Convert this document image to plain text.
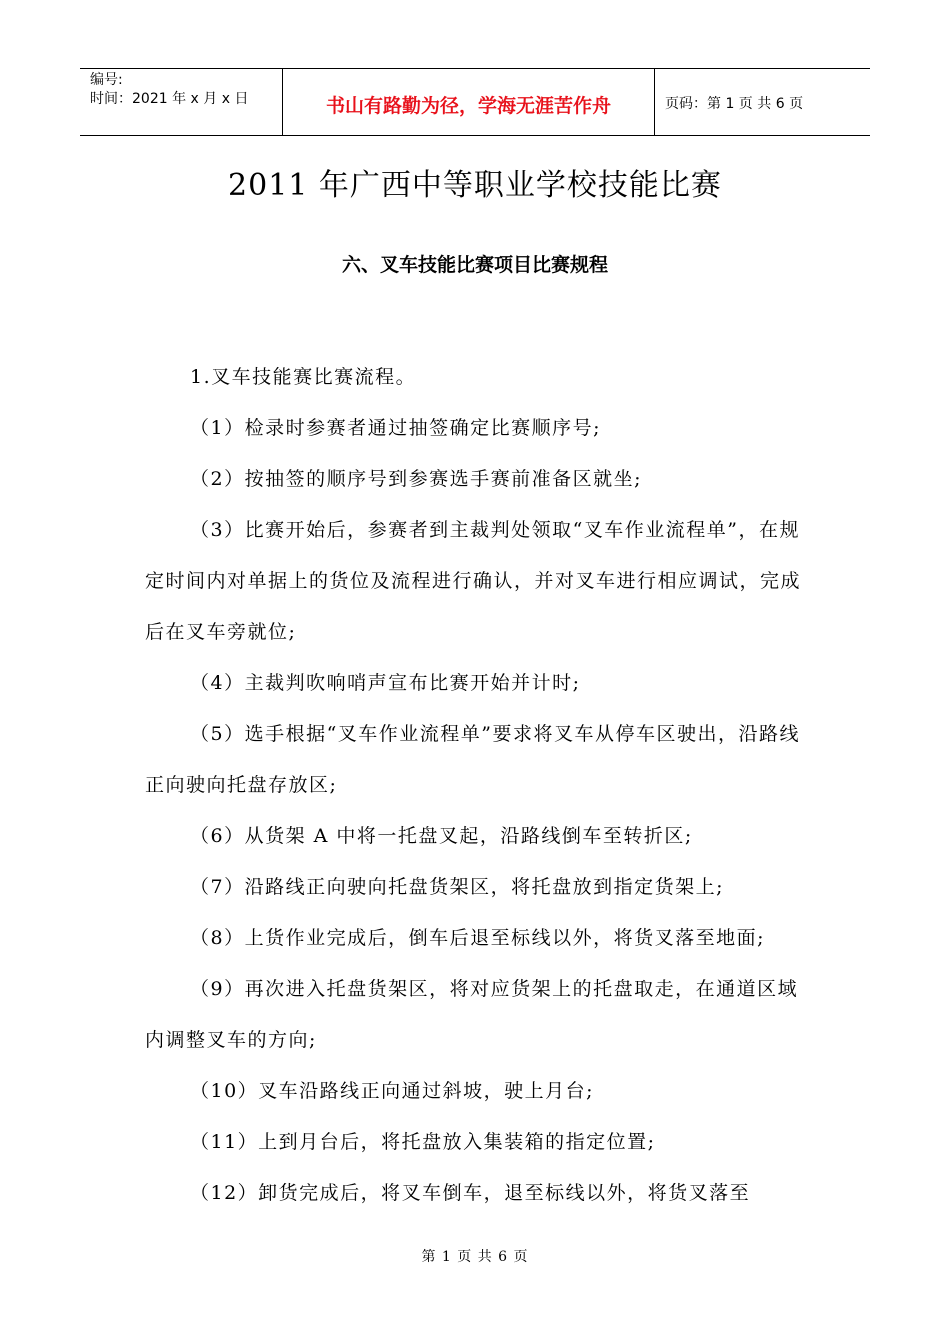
编号:
时间：2021 年 x 月 x 日	书山有路勤为径，学海无涯苦作舟	页码：第 1 页 共 6 页
2011 年广西中等职业学校技能比赛
六、叉车技能比赛项目比赛规程

1.叉车技能赛比赛流程。

（1）检录时参赛者通过抽签确定比赛顺序号;

（2）按抽签的顺序号到参赛选手赛前准备区就坐;

（3）比赛开始后，参赛者到主裁判处领取“叉车作业流程单”，在规定时间内对单据上的货位及流程进行确认，并对叉车进行相应调试，完成后在叉车旁就位;

（4）主裁判吹响哨声宣布比赛开始并计时;

（5）选手根据“叉车作业流程单”要求将叉车从停车区驶出，沿路线正向驶向托盘存放区;

（6）从货架 A 中将一托盘叉起，沿路线倒车至转折区;

（7）沿路线正向驶向托盘货架区，将托盘放到指定货架上;

（8）上货作业完成后，倒车后退至标线以外，将货叉落至地面;

（9）再次进入托盘货架区，将对应货架上的托盘取走，在通道区域内调整叉车的方向;

（10）叉车沿路线正向通过斜坡，驶上月台;

（11）上到月台后，将托盘放入集装箱的指定位置;

（12）卸货完成后，将叉车倒车，退至标线以外，将货叉落至

第 1 页 共 6 页
